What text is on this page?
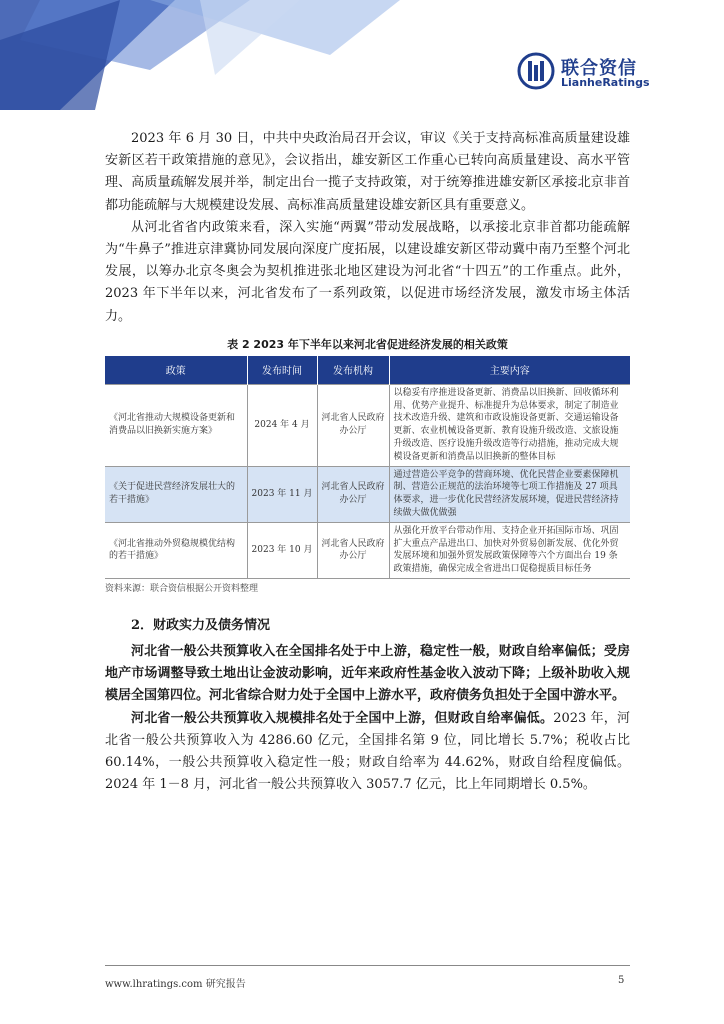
联合资信
LianheRatings

2023 年 6 月 30 日，中共中央政治局召开会议，审议《关于支持高标准高质量建设雄安新区若干政策措施的意见》，会议指出，雄安新区工作重心已转向高质量建设、高水平管理、高质量疏解发展并举，制定出台一揽子支持政策，对于统筹推进雄安新区承接北京非首都功能疏解与大规模建设发展、高标准高质量建设雄安新区具有重要意义。

从河北省省内政策来看，深入实施“两翼”带动发展战略，以承接北京非首都功能疏解为“牛鼻子”推进京津冀协同发展向深度广度拓展，以建设雄安新区带动冀中南乃至整个河北发展，以筹办北京冬奥会为契机推进张北地区建设为河北省“十四五”的工作重点。此外，2023 年下半年以来，河北省发布了一系列政策，以促进市场经济发展，激发市场主体活力。

表 2 2023 年下半年以来河北省促进经济发展的相关政策
政策	发布时间	发布机构	主要内容
《河北省推动大规模设备更新和消费品以旧换新实施方案》	2024 年 4 月	河北省人民政府办公厅	以稳妥有序推进设备更新、消费品以旧换新、回收循环利用、优势产业提升、标准提升为总体要求，制定了制造业技术改造升级、建筑和市政设施设备更新、交通运输设备更新、农业机械设备更新、教育设施升级改造、文旅设施升级改造、医疗设施升级改造等行动措施，推动完成大规模设备更新和消费品以旧换新的整体目标
《关于促进民营经济发展壮大的若干措施》	2023 年 11 月	河北省人民政府办公厅	通过营造公平竞争的营商环境、优化民营企业要素保障机制、营造公正规范的法治环境等七项工作措施及 27 项具体要求，进一步优化民营经济发展环境，促进民营经济持续做大做优做强
《河北省推动外贸稳规模优结构的若干措施》	2023 年 10 月	河北省人民政府办公厅	从强化开放平台带动作用、支持企业开拓国际市场、巩固扩大重点产品进出口、加快对外贸易创新发展、优化外贸发展环境和加强外贸发展政策保障等六个方面出台 19 条政策措施，确保完成全省进出口促稳提质目标任务

资料来源：联合资信根据公开资料整理

2．财政实力及债务情况

河北省一般公共预算收入在全国排名处于中上游，稳定性一般，财政自给率偏低；受房地产市场调整导致土地出让金波动影响，近年来政府性基金收入波动下降；上级补助收入规模居全国第四位。河北省综合财力处于全国中上游水平，政府债务负担处于全国中游水平。

河北省一般公共预算收入规模排名处于全国中上游，但财政自给率偏低。2023 年，河北省一般公共预算收入为 4286.60 亿元，全国排名第 9 位，同比增长 5.7%；税收占比 60.14%，一般公共预算收入稳定性一般；财政自给率为 44.62%，财政自给程度偏低。2024 年 1－8 月，河北省一般公共预算收入 3057.7 亿元，比上年同期增长 0.5%。

www.lhratings.com 研究报告	5
